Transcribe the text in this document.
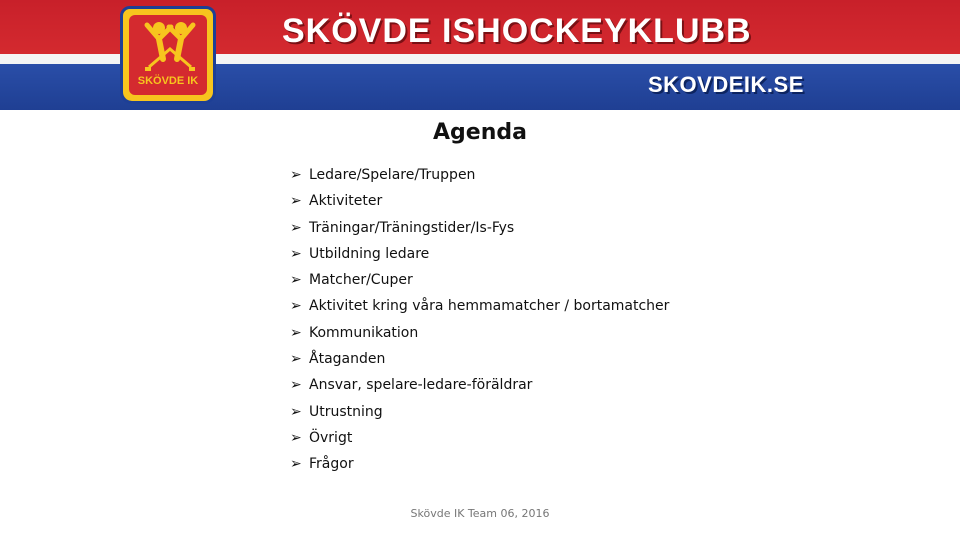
SKÖVDE IK
SKÖVDE ISHOCKEYKLUBB
SKOVDEIK.SE
Agenda
➢ Ledare/Spelare/Truppen
➢ Aktiviteter
➢ Träningar/Träningstider/Is-Fys
➢ Utbildning ledare
➢ Matcher/Cuper
➢ Aktivitet kring våra hemmamatcher / bortamatcher
➢ Kommunikation
➢ Åtaganden
➢ Ansvar, spelare-ledare-föräldrar
➢ Utrustning
➢ Övrigt
➢ Frågor
Skövde IK Team 06, 2016
